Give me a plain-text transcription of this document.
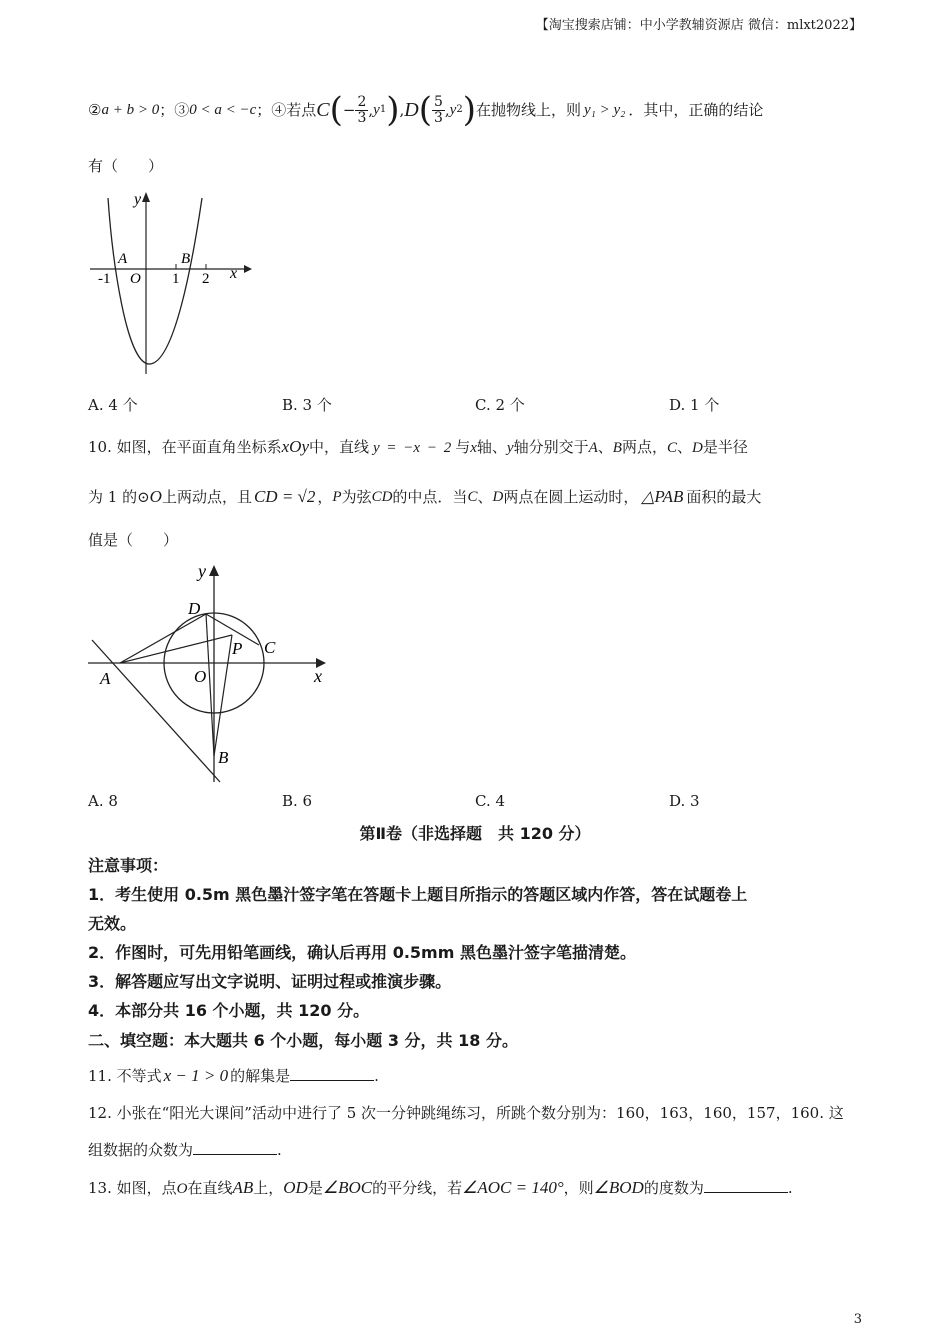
【淘宝搜索店铺：中小学教辅资源店 微信：mlxt2022】
② a + b > 0 ；③ 0 < a < −c ；④若点 C ( − $\frac{2}{3}$ , y 1 ) , D ( $\frac{5}{3}$ , y 2 ) 在抛物线上，则 y₁ > y₂ ．其中，正确的结论
有（　　）
y
x
A	B
O
-1	1 2
A. 4 个	B. 3 个	C. 2 个	D. 1 个
10. 如图，在平面直角坐标系xOy中，直线 y = −x − 2 与x轴、y轴分别交于A、B两点，C、D是半径
为 1 的⊙ O 上两动点，且 CD = √2 ， P 为弦 CD 的中点．当 C 、 D 两点在圆上运动时， △PAB 面积的最大
值是（　　）
y
x
D
P C
A	O
B
A. 8	B. 6	C. 4	D. 3
第Ⅱ卷（非选择题　共 120 分）
注意事项：
1．考生使用 0.5m 黑色墨汁签字笔在答题卡上题目所指示的答题区域内作答，答在试题卷上
无效。
2．作图时，可先用铅笔画线，确认后再用 0.5mm 黑色墨汁签字笔描清楚。
3．解答题应写出文字说明、证明过程或推演步骤。
4．本部分共 16 个小题，共 120 分。
二、填空题：本大题共 6 个小题，每小题 3 分，共 18 分。
11. 不等式 x − 1 > 0 的解集是	.
12. 小张在“阳光大课间”活动中进行了 5 次一分钟跳绳练习，所跳个数分别为：160，163，160，157，160. 这
组数据的众数为	.
13. 如图，点O在直线AB上，OD是∠BOC的平分线，若∠AOC = 140°，则∠BOD的度数为	.
3
